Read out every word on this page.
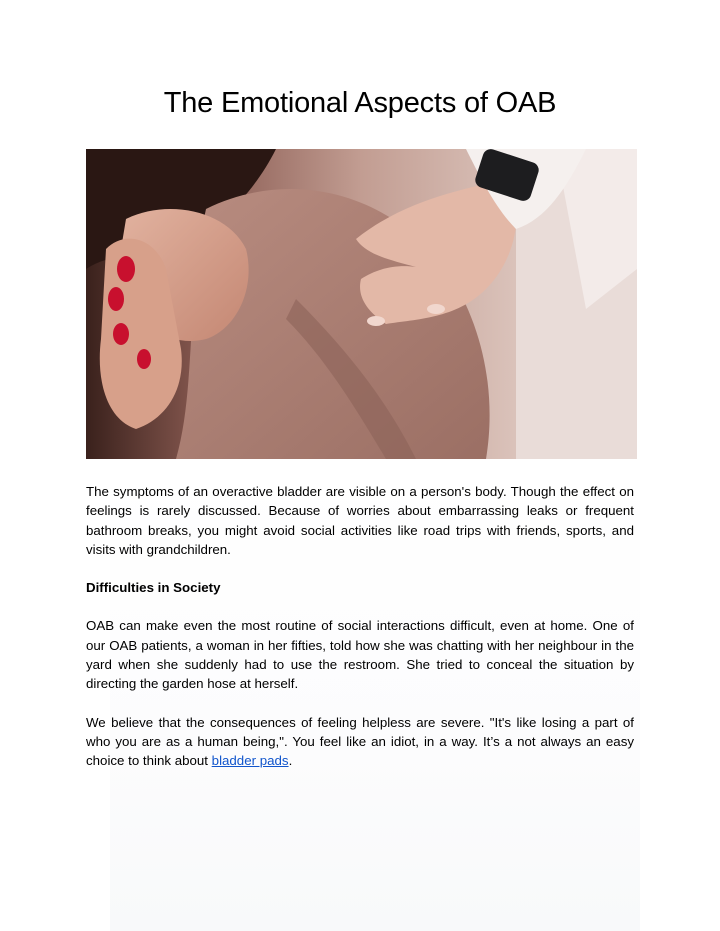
The Emotional Aspects of OAB

The symptoms of an overactive bladder are visible on a person's body. Though the effect on feelings is rarely discussed. Because of worries about embarrassing leaks or frequent bathroom breaks, you might avoid social activities like road trips with friends, sports, and visits with grandchildren.

Difficulties in Society

OAB can make even the most routine of social interactions difficult, even at home. One of our OAB patients, a woman in her fifties, told how she was chatting with her neighbour in the yard when she suddenly had to use the restroom. She tried to conceal the situation by directing the garden hose at herself.

We believe that the consequences of feeling helpless are severe. "It's like losing a part of who you are as a human being,". You feel like an idiot, in a way. It’s a not always an easy choice to think about bladder pads.
